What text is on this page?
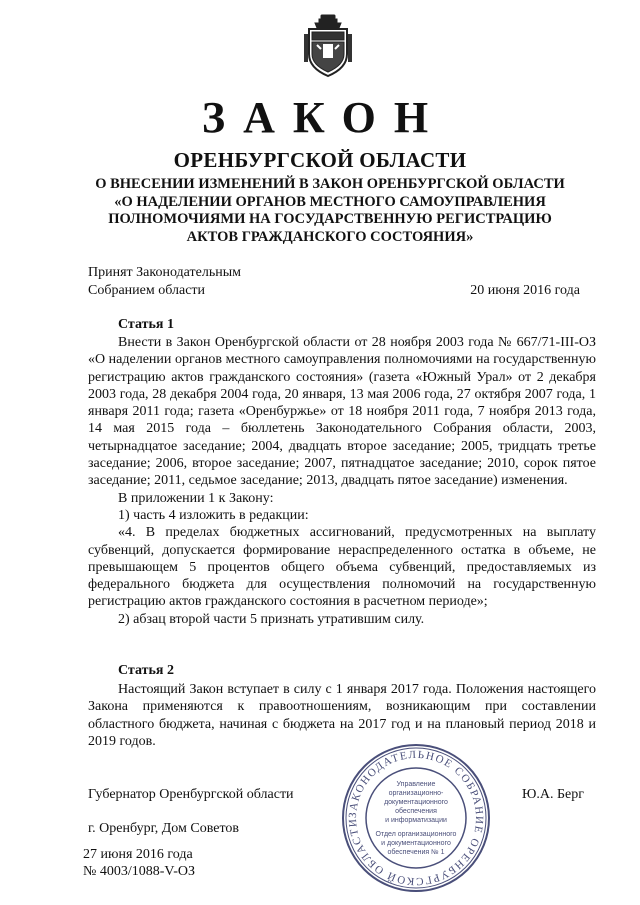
ЗАКОН
ОРЕНБУРГСКОЙ ОБЛАСТИ
О ВНЕСЕНИИ ИЗМЕНЕНИЙ В ЗАКОН ОРЕНБУРГСКОЙ ОБЛАСТИ
«О НАДЕЛЕНИИ ОРГАНОВ МЕСТНОГО САМОУПРАВЛЕНИЯ
ПОЛНОМОЧИЯМИ НА ГОСУДАРСТВЕННУЮ РЕГИСТРАЦИЮ
АКТОВ ГРАЖДАНСКОГО СОСТОЯНИЯ»
Принят Законодательным
Собранием области	20 июня 2016 года
Статья 1

Внести в Закон Оренбургской области от 28 ноября 2003 года № 667/71-III-ОЗ «О наделении органов местного самоуправления полномочиями на государственную регистрацию актов гражданского состояния» (газета «Южный Урал» от 2 декабря 2003 года, 28 декабря 2004 года, 20 января, 13 мая 2006 года, 27 октября 2007 года, 1 января 2011 года; газета «Оренбуржье» от 18 ноября 2011 года, 7 ноября 2013 года, 14 мая 2015 года – бюллетень Законодательного Собрания области, 2003, четырнадцатое заседание; 2004, двадцать второе заседание; 2005, тридцать третье заседание; 2006, второе заседание; 2007, пятнадцатое заседание; 2010, сорок пятое заседание; 2011, седьмое заседание; 2013, двадцать пятое заседание) изменения.

В приложении 1 к Закону:

1) часть 4 изложить в редакции:

«4. В пределах бюджетных ассигнований, предусмотренных на выплату субвенций, допускается формирование нераспределенного остатка в объеме, не превышающем 5 процентов общего объема субвенций, предоставляемых из федерального бюджета для осуществления полномочий на государственную регистрацию актов гражданского состояния в расчетном периоде»;

2) абзац второй части 5 признать утратившим силу.

Статья 2

Настоящий Закон вступает в силу с 1 января 2017 года. Положения настоящего Закона применяются к правоотношениям, возникающим при составлении областного бюджета, начиная с бюджета на 2017 год и на плановый период 2018 и 2019 годов.

Губернатор Оренбургской области	Ю.А. Берг
г. Оренбург, Дом Советов
27 июня 2016 года
№ 4003/1088-V-ОЗ
ЗАКОНОДАТЕЛЬНОЕ СОБРАНИЕ ОРЕНБУРГСКОЙ ОБЛАСТИ
Управление
организационно-
документационного
обеспечения
и информатизации
Отдел организационного
и документационного
обеспечения № 1
